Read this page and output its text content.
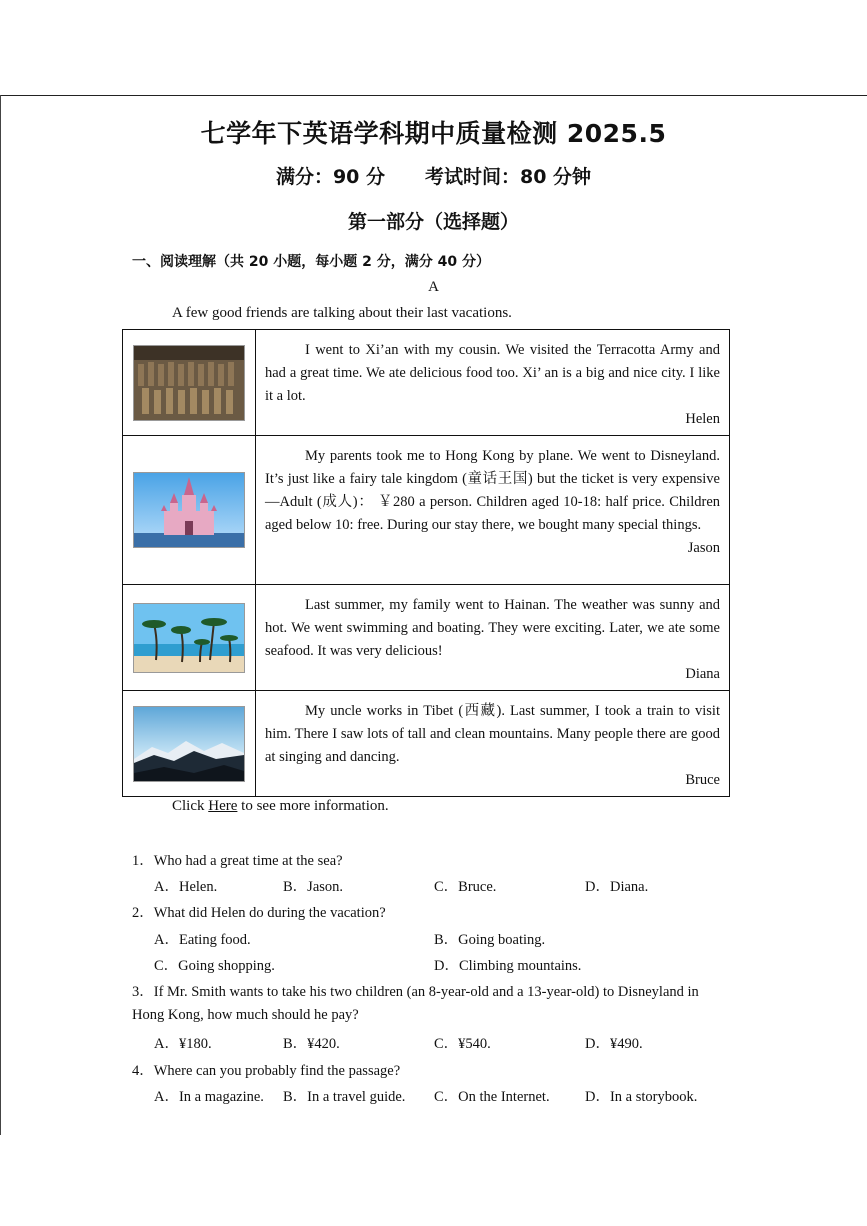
七学年下英语学科期中质量检测 2025.5
满分：90 分 考试时间：80 分钟
第一部分（选择题）
一、阅读理解（共 20 小题，每小题 2 分，满分 40 分）
A
A few good friends are talking about their last vacations.

I went to Xi’an with my cousin. We visited the Terracotta Army and had a great time. We ate delicious food too. Xi’ an is a big and nice city. I like it a lot.

Helen

My parents took me to Hong Kong by plane. We went to Disneyland. It’s just like a fairy tale kingdom (童话王国) but the ticket is very expensive—Adult (成人)： ￥280 a person. Children aged 10-18: half price. Children aged below 10: free. During our stay there, we bought many special things.

Jason

Last summer, my family went to Hainan. The weather was sunny and hot. We went swimming and boating. They were exciting. Later, we ate some seafood. It was very delicious!

Diana

My uncle works in Tibet (西藏). Last summer, I took a train to visit him. There I saw lots of tall and clean mountains. Many people there are good at singing and dancing.

Bruce
Click Here to see more information.
1．Who had a great time at the sea?
A．Helen.	B．Jason.	C．Bruce.	D．Diana.
2．What did Helen do during the vacation?
A．Eating food.	B．Going boating.
C．Going shopping.	D．Climbing mountains.
3．If Mr. Smith wants to take his two children (an 8-year-old and a 13-year-old) to Disneyland in
Hong Kong, how much should he pay?
A．¥180.	B．¥420.	C．¥540.	D．¥490.
4．Where can you probably find the passage?
A．In a magazine. B．In a travel guide. C．On the Internet. D．In a storybook.
